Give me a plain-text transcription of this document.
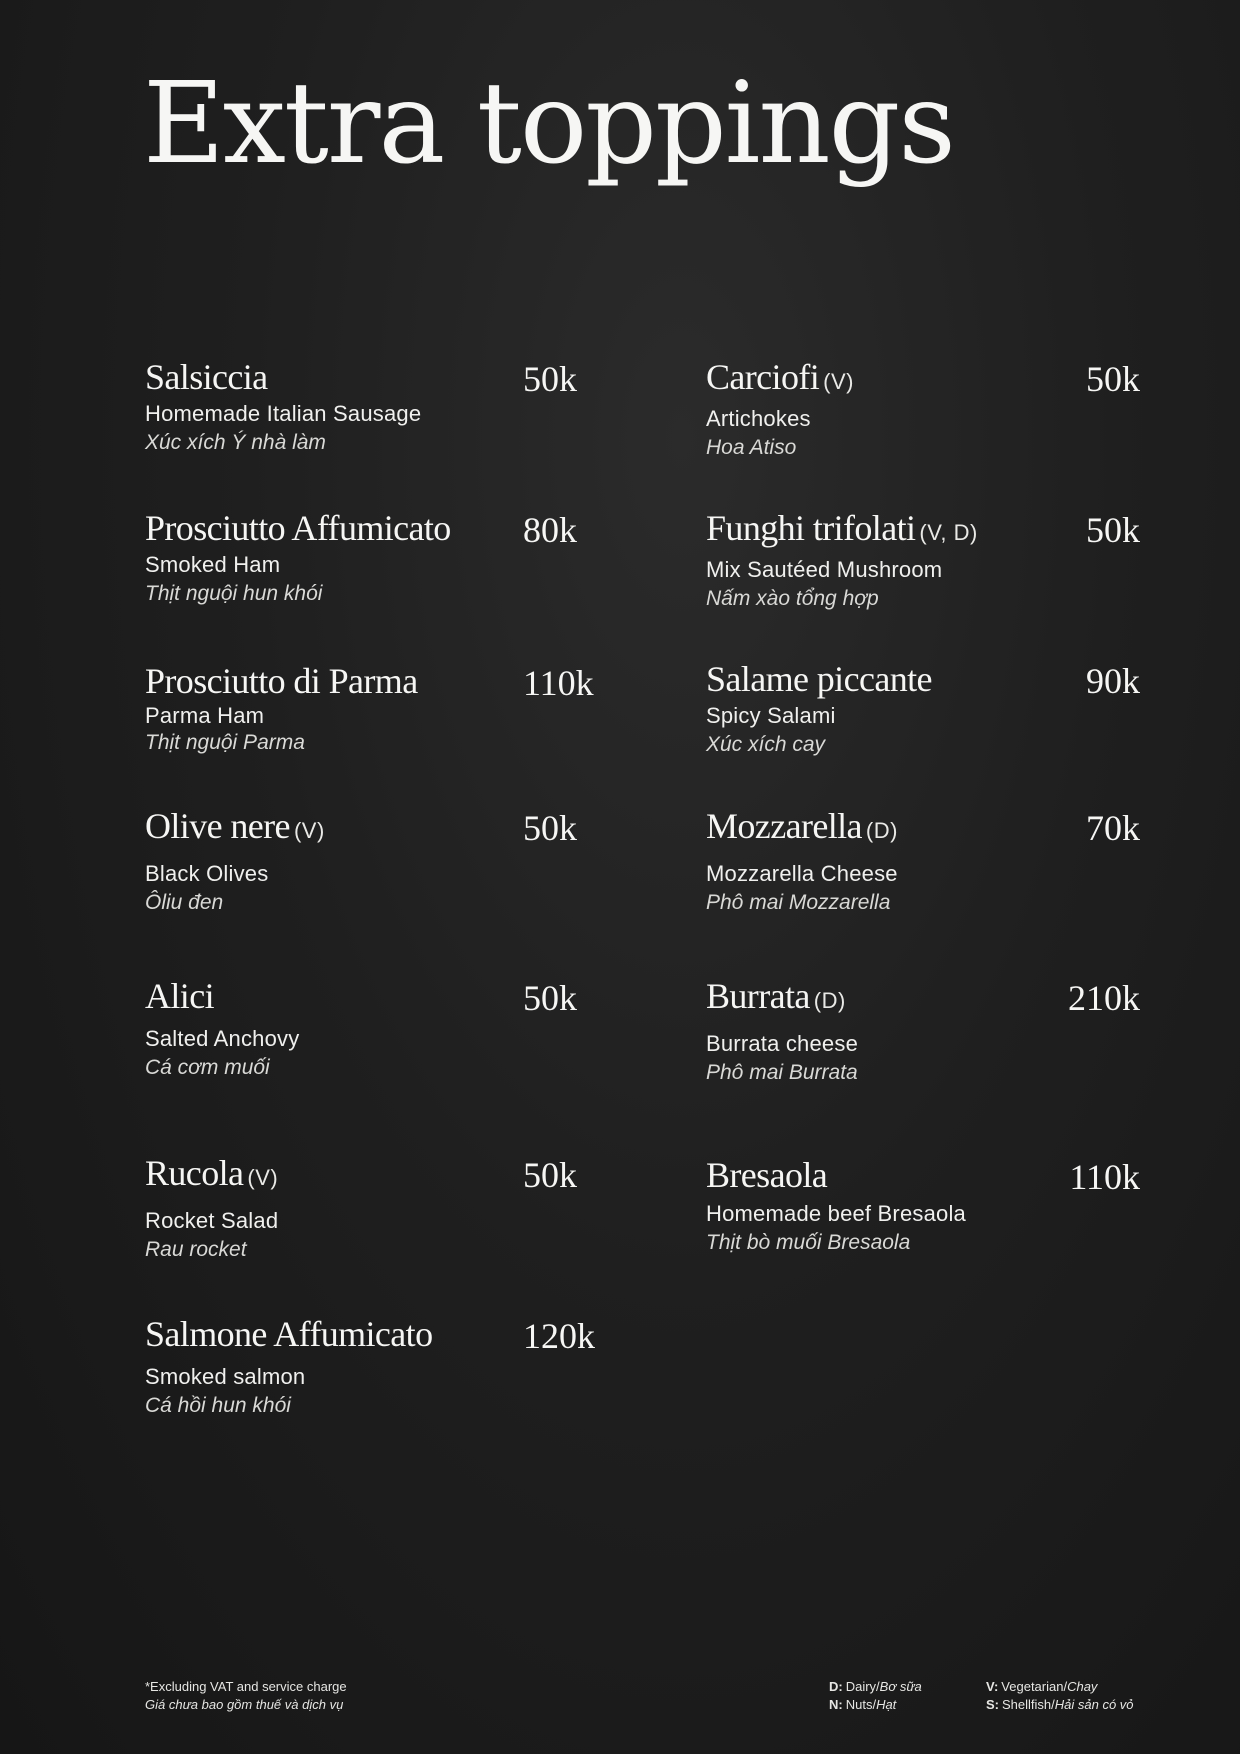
Extra toppings
Salsiccia	50k
Homemade Italian Sausage
Xúc xích Ý nhà làm
Prosciutto Affumicato	80k
Smoked Ham
Thịt nguội hun khói
Prosciutto di Parma	110k
Parma Ham
Thịt nguội Parma
Olive nere (V)	50k
Black Olives
Ôliu đen
Alici	50k
Salted Anchovy
Cá cơm muối
Rucola (V)	50k
Rocket Salad
Rau rocket
Salmone Affumicato	120k
Smoked salmon
Cá hồi hun khói
Carciofi (V)	50k
Artichokes
Hoa Atiso
Funghi trifolati (V, D)	50k
Mix Sautéed Mushroom
Nấm xào tổng hợp
Salame piccante	90k
Spicy Salami
Xúc xích cay
Mozzarella (D)	70k
Mozzarella Cheese
Phô mai Mozzarella
Burrata (D)	210k
Burrata cheese
Phô mai Burrata
Bresaola	110k
Homemade beef Bresaola
Thịt bò muối Bresaola
*Excluding VAT and service charge
Giá chưa bao gồm thuế và dịch vụ
D: Dairy/Bơ sữa
N: Nuts/Hạt
V: Vegetarian/Chay
S: Shellfish/Hải sản có vỏ
